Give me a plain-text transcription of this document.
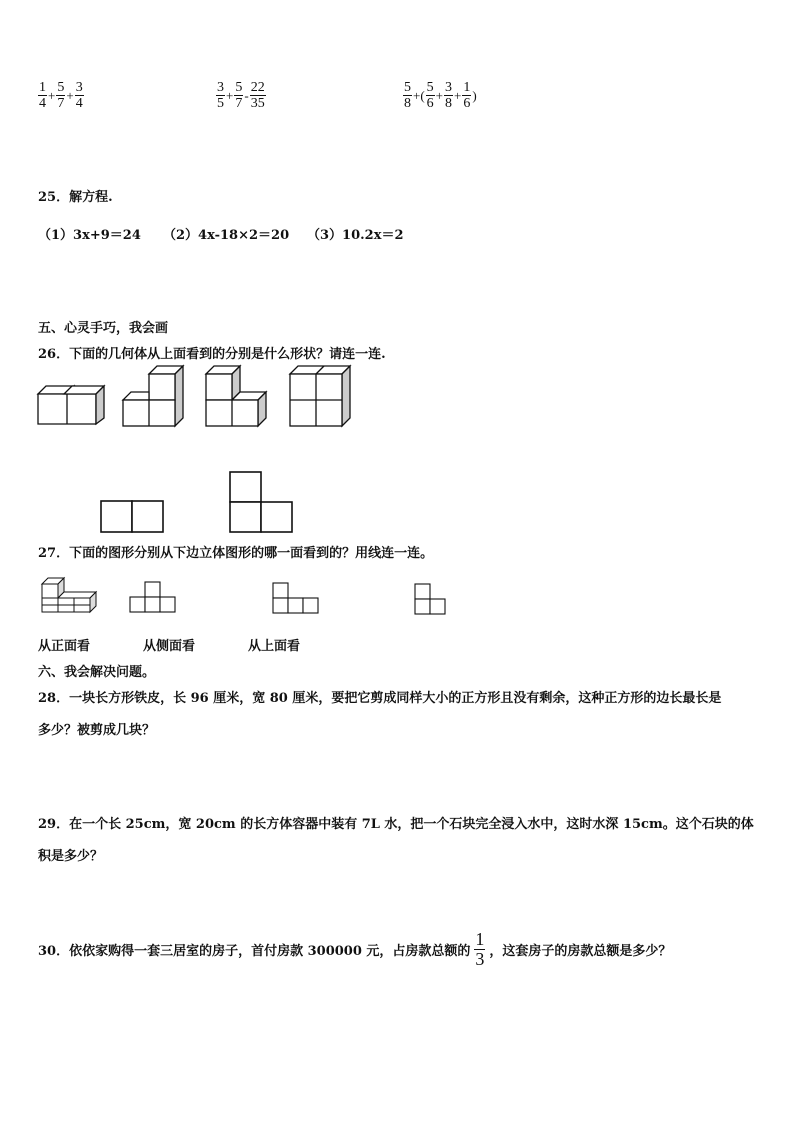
$\frac{1}{4} + \frac{5}{7} + \frac{3}{4}$	$\frac{3}{5} + \frac{5}{7} - \frac{22}{35}$	$\frac{5}{8}$ +( $\frac{5}{6} + \frac{3}{8} + \frac{1}{6}$ )
25．解方程.
（1）3x+9＝24 （2）4x-18×2＝20 （3）10.2x＝2
五、心灵手巧，我会画
26．下面的几何体从上面看到的分别是什么形状？请连一连.
27．下面的图形分别从下边立体图形的哪一面看到的？用线连一连。
从正面看	从侧面看	从上面看
六、我会解决问题。
28．一块长方形铁皮，长 96 厘米，宽 80 厘米，要把它剪成同样大小的正方形且没有剩余，这种正方形的边长最长是
多少？被剪成几块？
29．在一个长 25cm，宽 20cm 的长方体容器中装有 7L 水，把一个石块完全浸入水中，这时水深 15cm。这个石块的体
积是多少？
30．依依家购得一套三居室的房子，首付房款 300000 元，占房款总额的 $\frac{1}{3}$ ，这套房子的房款总额是多少？
